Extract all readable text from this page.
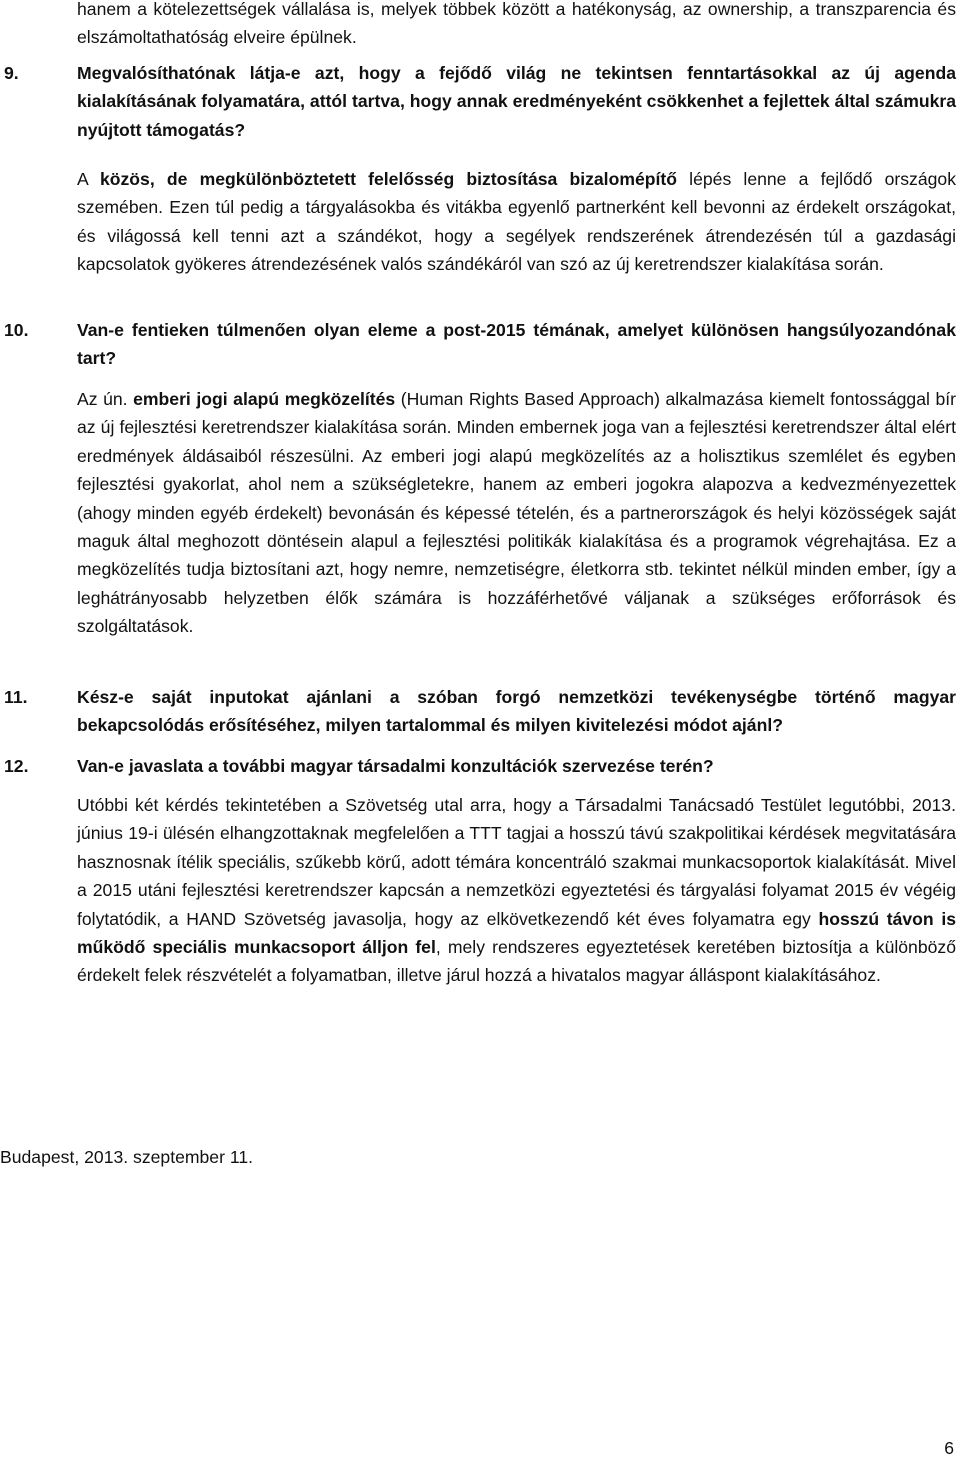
hanem a kötelezettségek vállalása is, melyek többek között a hatékonyság, az ownership, a transzparencia és elszámoltathatóság elveire épülnek.
9.	Megvalósíthatónak látja-e azt, hogy a fejődő világ ne tekintsen fenntartásokkal az új agenda kialakításának folyamatára, attól tartva, hogy annak eredményeként csökkenhet a fejlettek által számukra nyújtott támogatás?
A közös, de megkülönböztetett felelősség biztosítása bizalomépítő lépés lenne a fejlődő országok szemében. Ezen túl pedig a tárgyalásokba és vitákba egyenlő partnerként kell bevonni az érdekelt országokat, és világossá kell tenni azt a szándékot, hogy a segélyek rendszerének átrendezésén túl a gazdasági kapcsolatok gyökeres átrendezésének valós szándékáról van szó az új keretrendszer kialakítása során.
10.	Van-e fentieken túlmenően olyan eleme a post-2015 témának, amelyet különösen hangsúlyozandónak tart?
Az ún. emberi jogi alapú megközelítés (Human Rights Based Approach) alkalmazása kiemelt fontossággal bír az új fejlesztési keretrendszer kialakítása során. Minden embernek joga van a fejlesztési keretrendszer által elért eredmények áldásaiból részesülni. Az emberi jogi alapú megközelítés az a holisztikus szemlélet és egyben fejlesztési gyakorlat, ahol nem a szükségletekre, hanem az emberi jogokra alapozva a kedvezményezettek (ahogy minden egyéb érdekelt) bevonásán és képessé tételén, és a partnerországok és helyi közösségek saját maguk által meghozott döntésein alapul a fejlesztési politikák kialakítása és a programok végrehajtása. Ez a megközelítés tudja biztosítani azt, hogy nemre, nemzetiségre, életkorra stb. tekintet nélkül minden ember, így a leghátrányosabb helyzetben élők számára is hozzáférhetővé váljanak a szükséges erőforrások és szolgáltatások.
11.	Kész-e saját inputokat ajánlani a szóban forgó nemzetközi tevékenységbe történő magyar bekapcsolódás erősítéséhez, milyen tartalommal és milyen kivitelezési módot ajánl?
12.	Van-e javaslata a további magyar társadalmi konzultációk szervezése terén?
Utóbbi két kérdés tekintetében a Szövetség utal arra, hogy a Társadalmi Tanácsadó Testület legutóbbi, 2013. június 19-i ülésén elhangzottaknak megfelelően a TTT tagjai a hosszú távú szakpolitikai kérdések megvitatására hasznosnak ítélik speciális, szűkebb körű, adott témára koncentráló szakmai munkacsoportok kialakítását. Mivel a 2015 utáni fejlesztési keretrendszer kapcsán a nemzetközi egyeztetési és tárgyalási folyamat 2015 év végéig folytatódik, a HAND Szövetség javasolja, hogy az elkövetkezendő két éves folyamatra egy hosszú távon is működő speciális munkacsoport álljon fel, mely rendszeres egyeztetések keretében biztosítja a különböző érdekelt felek részvételét a folyamatban, illetve járul hozzá a hivatalos magyar álláspont kialakításához.
Budapest, 2013. szeptember 11.
6
